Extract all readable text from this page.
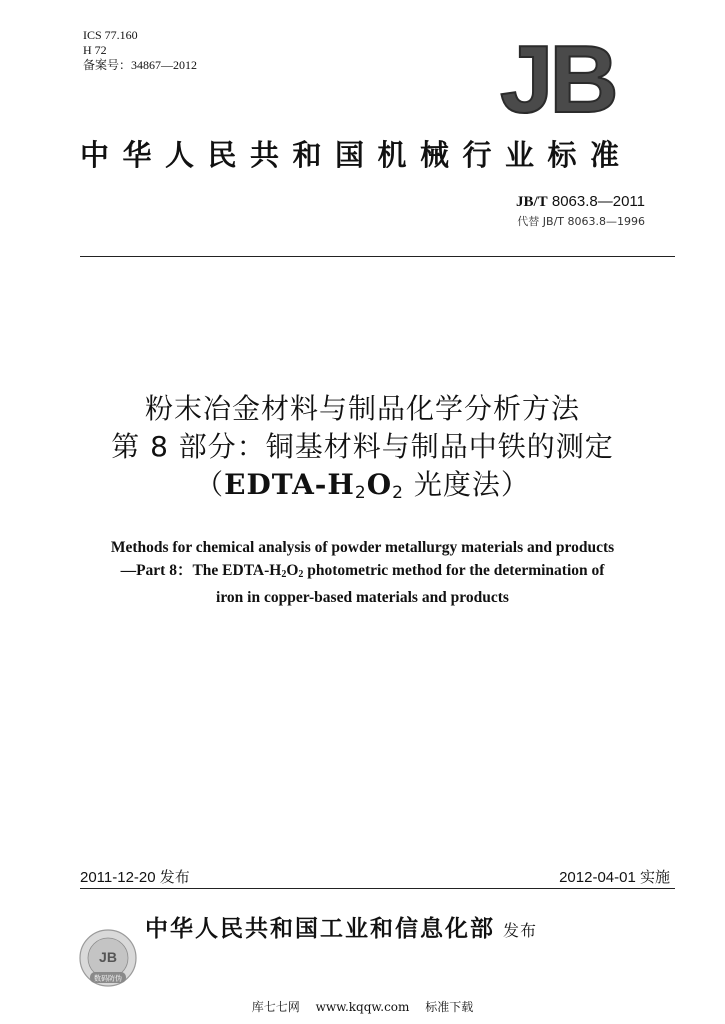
ICS 77.160
H 72
备案号：34867—2012	JB
中华人民共和国机械行业标准
JB/T 8063.8—2011
代替 JB/T 8063.8—1996
粉末冶金材料与制品化学分析方法
第 8 部分：铜基材料与制品中铁的测定
（$EDTA-H_2O_2$ 光度法）
Methods for chemical analysis of powder metallurgy materials and products
—Part 8：The EDTA-$H_2O_2$ photometric method for the determination of
iron in copper-based materials and products
2011-12-20 发布	2012-04-01 实施
中华人民共和国工业和信息化部 发布
JB
数码防伪
库七七网 www.kqqw.com 标准下载
